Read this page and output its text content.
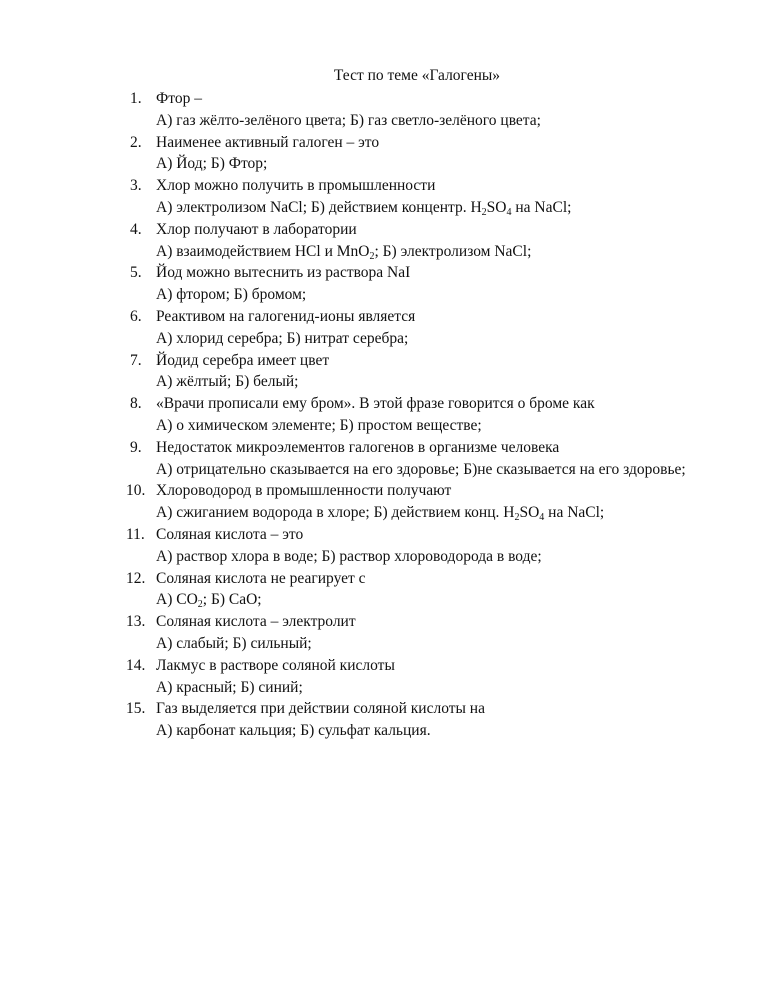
Тест по теме «Галогены»
1. Фтор –
А) газ жёлто-зелёного цвета; Б) газ светло-зелёного цвета;
2. Наименее активный галоген – это
А) Йод; Б) Фтор;
3. Хлор можно получить в промышленности
А) электролизом NaCl; Б) действием концентр. $H_2SO_4$ на NaCl;
4. Хлор получают в лаборатории
А) взаимодействием HCl и MnO$_2$; Б) электролизом NaCl;
5. Йод можно вытеснить из раствора NaI
А) фтором; Б) бромом;
6. Реактивом на галогенид-ионы является
А) хлорид серебра; Б) нитрат серебра;
7. Йодид серебра имеет цвет
А) жёлтый; Б) белый;
8. «Врачи прописали ему бром». В этой фразе говорится о броме как
А) о химическом элементе; Б) простом веществе;
9. Недостаток микроэлементов галогенов в организме человека
А) отрицательно сказывается на его здоровье; Б)не сказывается на его здоровье;
10. Хлороводород в промышленности получают
А) сжиганием водорода в хлоре; Б) действием конц. $H_2SO_4$ на NaCl;
11. Соляная кислота – это
А) раствор хлора в воде; Б) раствор хлороводорода в воде;
12. Соляная кислота не реагирует с
А) $CO_2$; Б) CaO;
13. Соляная кислота – электролит
А) слабый; Б) сильный;
14. Лакмус в растворе соляной кислоты
А) красный; Б) синий;
15. Газ выделяется при действии соляной кислоты на
А) карбонат кальция; Б) сульфат кальция.
